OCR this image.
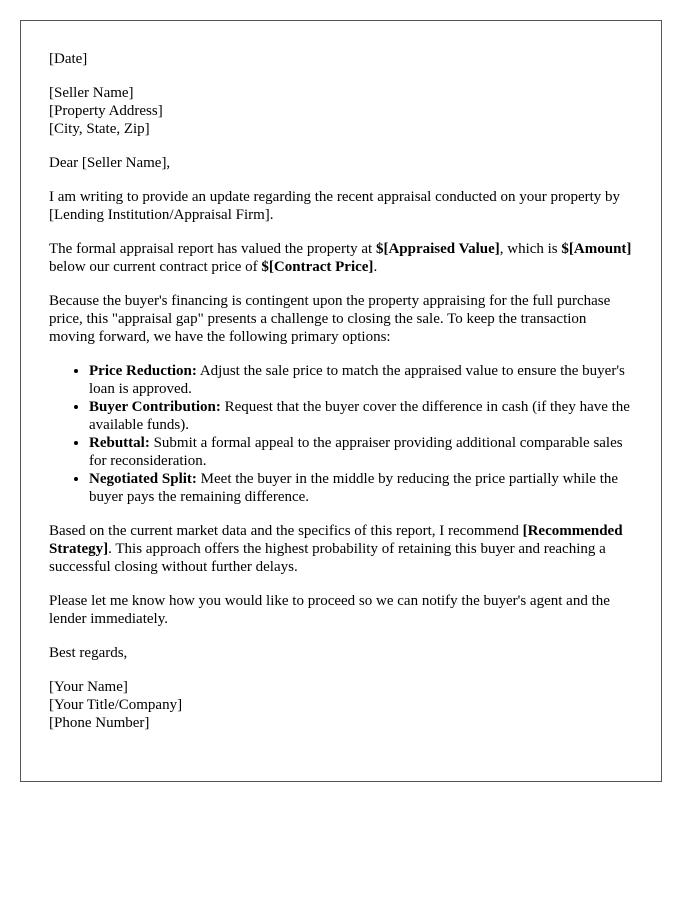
[Date]

[Seller Name]
[Property Address]
[City, State, Zip]

Dear [Seller Name],

I am writing to provide an update regarding the recent appraisal conducted on your property by [Lending Institution/Appraisal Firm].

The formal appraisal report has valued the property at $[Appraised Value], which is $[Amount] below our current contract price of $[Contract Price].

Because the buyer's financing is contingent upon the property appraising for the full purchase price, this "appraisal gap" presents a challenge to closing the sale. To keep the transaction moving forward, we have the following primary options:

• Price Reduction: Adjust the sale price to match the appraised value to ensure the buyer's loan is approved.
• Buyer Contribution: Request that the buyer cover the difference in cash (if they have the available funds).
• Rebuttal: Submit a formal appeal to the appraiser providing additional comparable sales for reconsideration.
• Negotiated Split: Meet the buyer in the middle by reducing the price partially while the buyer pays the remaining difference.

Based on the current market data and the specifics of this report, I recommend [Recommended Strategy]. This approach offers the highest probability of retaining this buyer and reaching a successful closing without further delays.

Please let me know how you would like to proceed so we can notify the buyer's agent and the lender immediately.

Best regards,

[Your Name]
[Your Title/Company]
[Phone Number]
